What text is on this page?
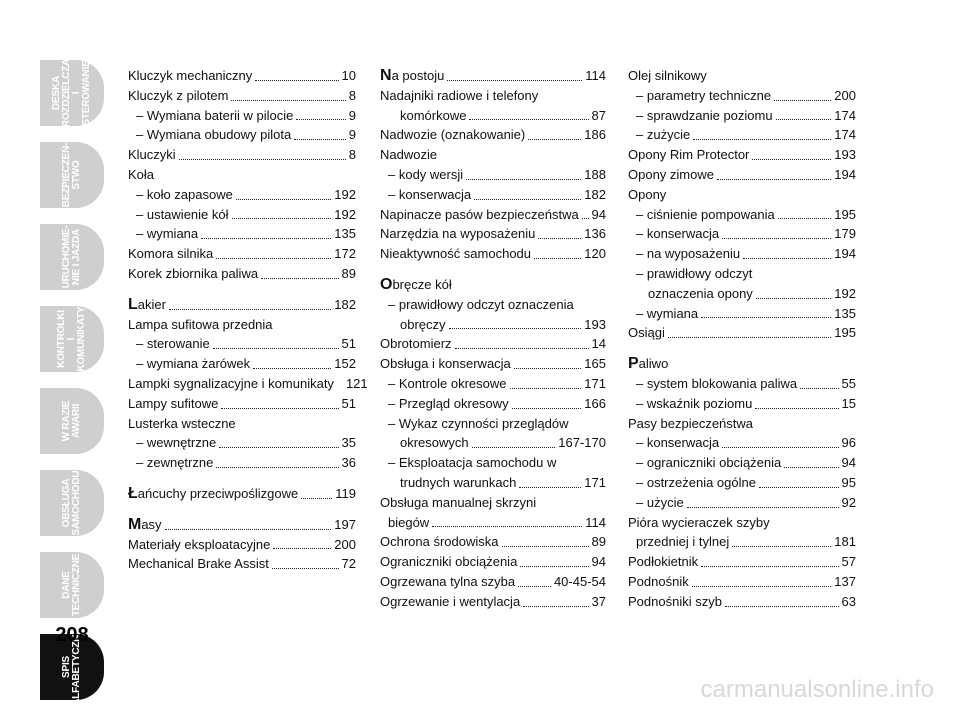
DESKA ROZDZIELCZA I STEROWANIE
BEZPIECZEŃ- STWO
URUCHOMIE- NIE I JAZDA
KONTROLKI I KOMUNIKATY
W RAZIE AWARII
OBSŁUGA SAMOCHODU
DANE TECHNICZNE
SPIS ALFABETYCZNY
208
Kluczyk mechaniczny	10
Kluczyk z pilotem	8
– Wymiana baterii w pilocie	9
– Wymiana obudowy pilota	9
Kluczyki	8
Koła
– koło zapasowe	192
– ustawienie kół	192
– wymiana	135
Komora silnika	172
Korek zbiornika paliwa	89
Lakier	182
Lampa sufitowa przednia
– sterowanie	51
– wymiana żarówek	152
Lampki sygnalizacyjne i komunikaty 121
Lampy sufitowe	51
Lusterka wsteczne
– wewnętrzne	35
– zewnętrzne	36
Łańcuchy przeciwpoślizgowe	119
Masy	197
Materiały eksploatacyjne	200
Mechanical Brake Assist	72
Na postoju	114
Nadajniki radiowe i telefony
komórkowe	87
Nadwozie (oznakowanie)	186
Nadwozie
– kody wersji	188
– konserwacja	182
Napinacze pasów bezpieczeństwa 94
Narzędzia na wyposażeniu	136
Nieaktywność samochodu	120
Obręcze kół
– prawidłowy odczyt oznaczenia
obręczy	193
Obrotomierz	14
Obsługa i konserwacja	165
– Kontrole okresowe	171
– Przegląd okresowy	166
– Wykaz czynności przeglądów
okresowych	167-170
– Eksploatacja samochodu w
trudnych warunkach	171
Obsługa manualnej skrzyni
biegów	114
Ochrona środowiska	89
Ograniczniki obciążenia	94
Ogrzewana tylna szyba	40-45-54
Ogrzewanie i wentylacja	37
Olej silnikowy
– parametry techniczne	200
– sprawdzanie poziomu	174
– zużycie	174
Opony Rim Protector	193
Opony zimowe	194
Opony
– ciśnienie pompowania	195
– konserwacja	179
– na wyposażeniu	194
– prawidłowy odczyt
oznaczenia opony	192
– wymiana	135
Osiągi	195
Paliwo
– system blokowania paliwa	55
– wskaźnik poziomu	15
Pasy bezpieczeństwa
– konserwacja	96
– ograniczniki obciążenia	94
– ostrzeżenia ogólne	95
– użycie	92
Pióra wycieraczek szyby
przedniej i tylnej	181
Podłokietnik	57
Podnośnik	137
Podnośniki szyb	63
carmanualsonline.info
